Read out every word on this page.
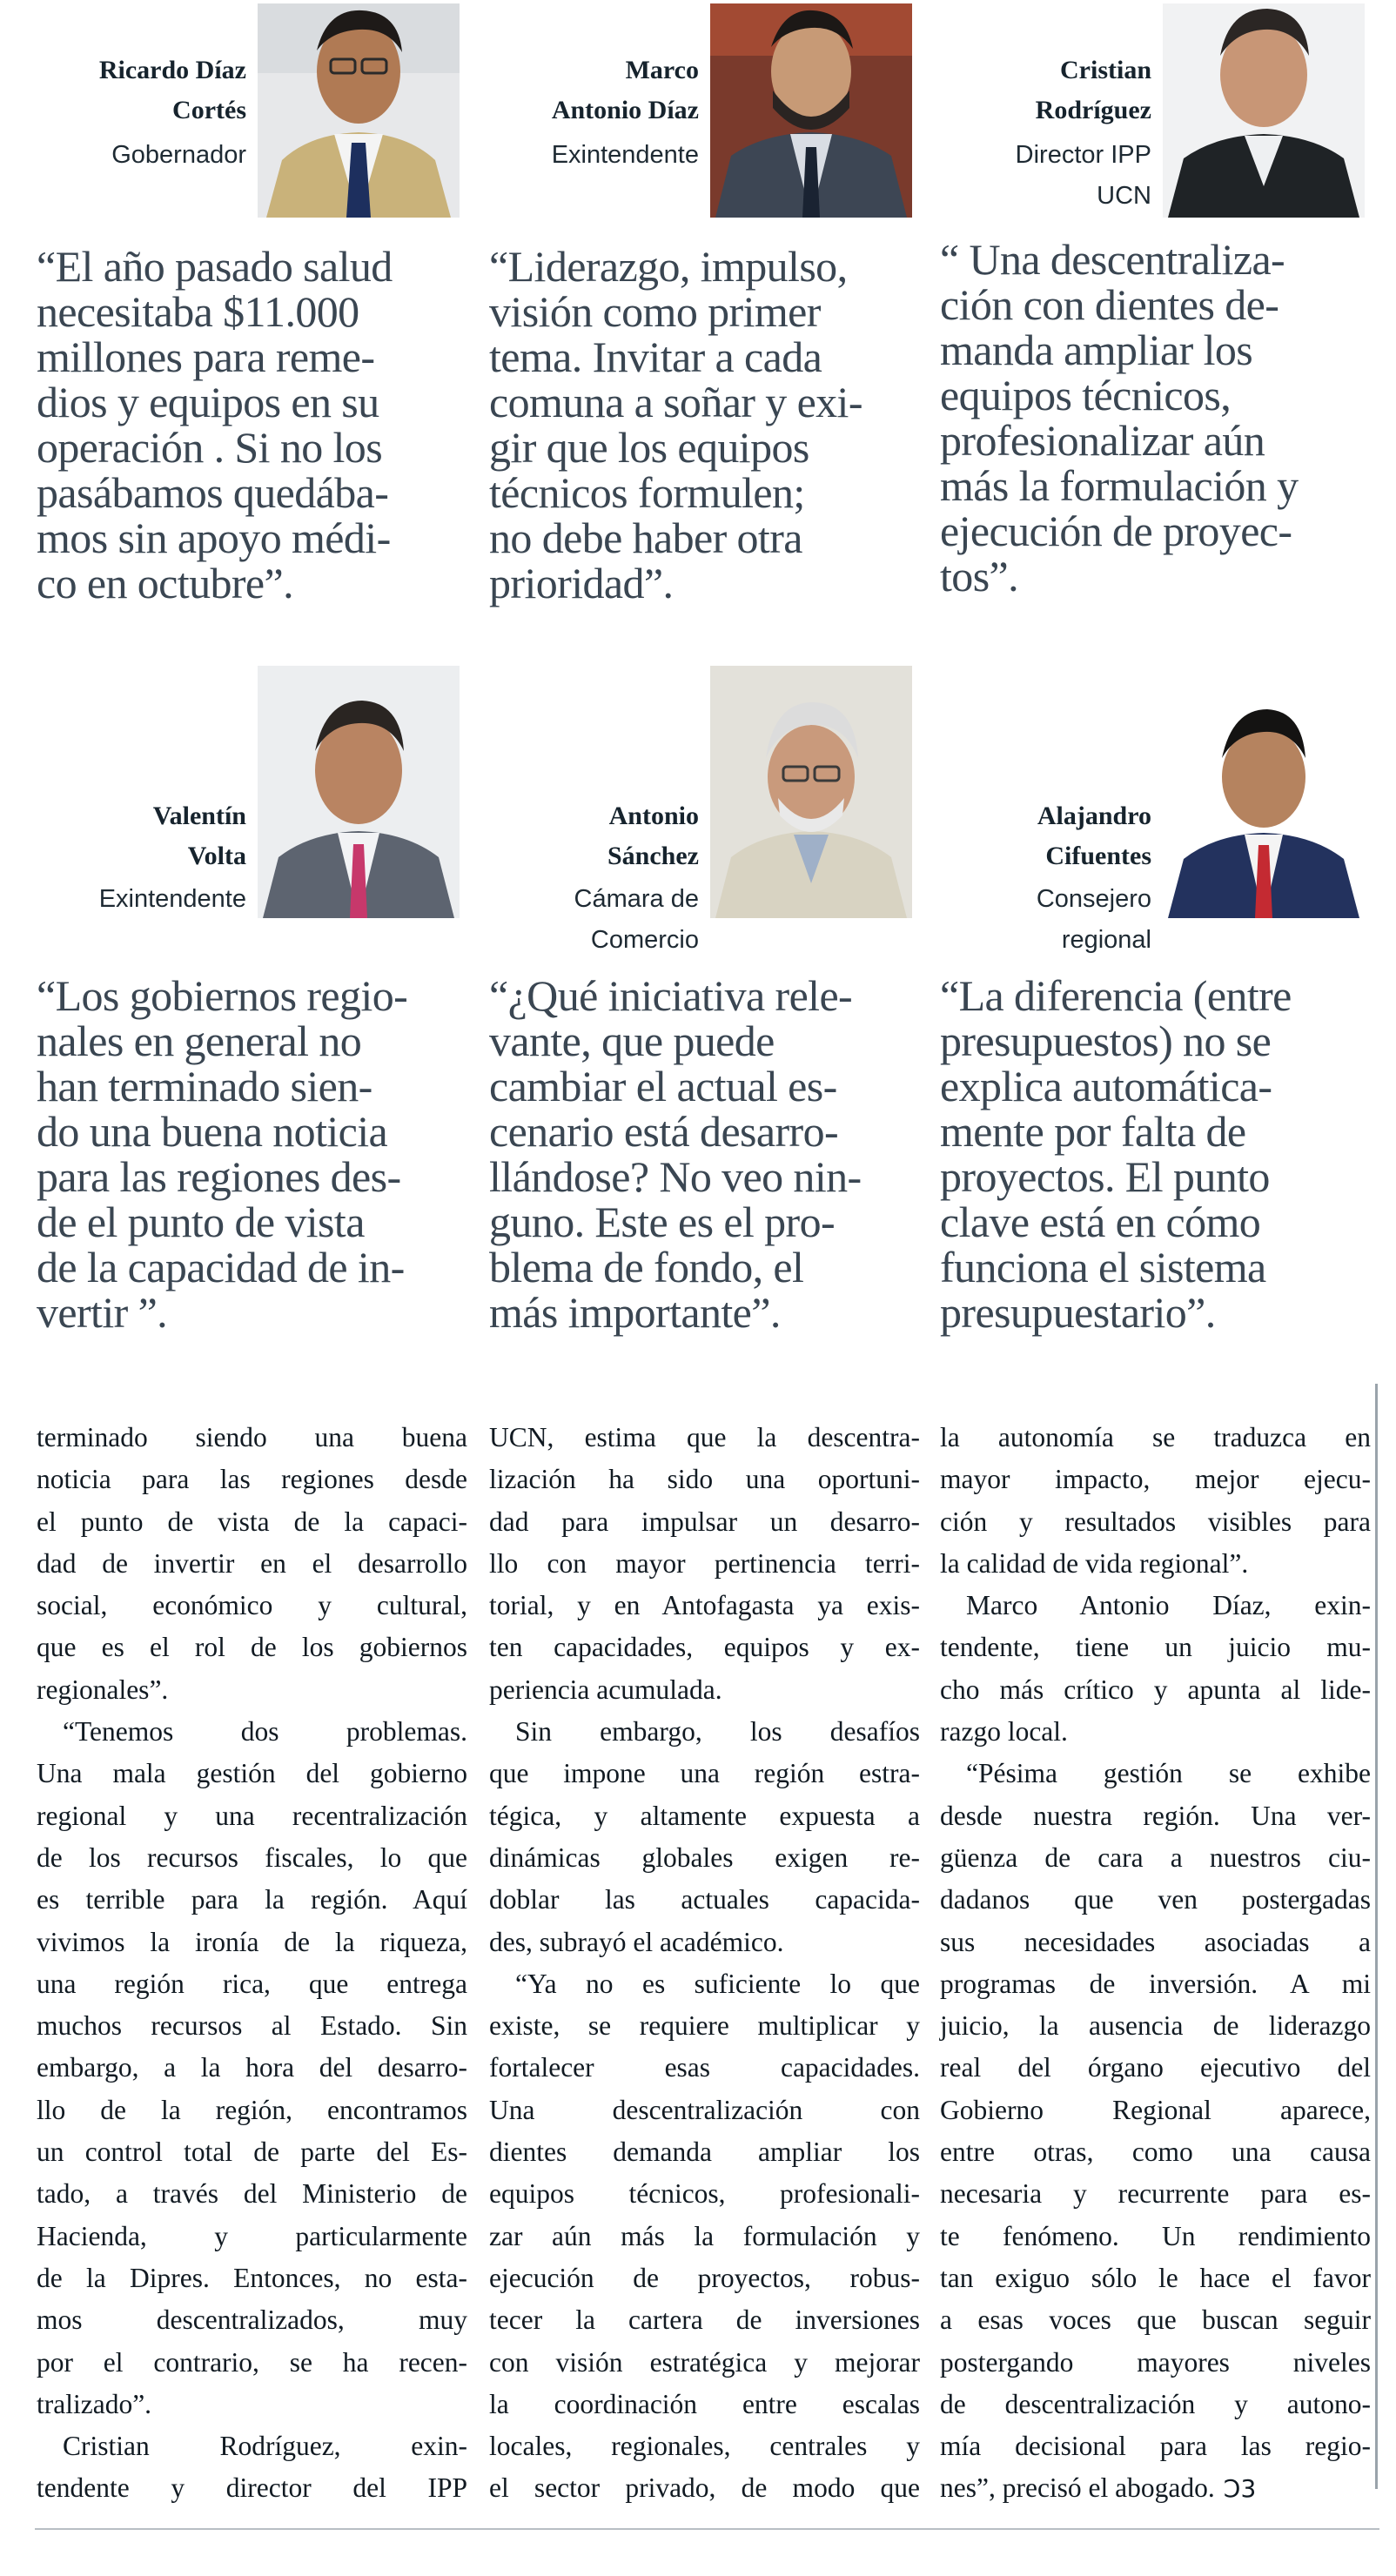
Ricardo Díaz
Cortés
Gobernador
Marco
Antonio Díaz
Exintendente
Cristian
Rodríguez
Director IPP
UCN
“El año pasado salud
necesitaba $11.000
millones para reme-
dios y equipos en su
operación . Si no los
pasábamos quedába-
mos sin apoyo médi-
co en octubre”.
“Liderazgo, impulso,
visión como primer
tema. Invitar a cada
comuna a soñar y exi-
gir que los equipos
técnicos formulen;
no debe haber otra
prioridad”.
“ Una descentraliza-
ción con dientes de-
manda ampliar los
equipos técnicos,
profesionalizar aún
más la formulación y
ejecución de proyec-
tos”.
Valentín
Volta
Exintendente
Antonio
Sánchez
Cámara de
Comercio
Alajandro
Cifuentes
Consejero
regional
“Los gobiernos regio-
nales en general no
han terminado sien-
do una buena noticia
para las regiones des-
de el punto de vista
de la capacidad de in-
vertir ”.
“¿Qué iniciativa rele-
vante, que puede
cambiar el actual es-
cenario está desarro-
llándose? No veo nin-
guno. Este es el pro-
blema de fondo, el
más importante”.
“La diferencia (entre
presupuestos) no se
explica automática-
mente por falta de
proyectos. El punto
clave está en cómo
funciona el sistema
presupuestario”.
terminado siendo una buena
noticia para las regiones desde
el punto de vista de la capaci-
dad de invertir en el desarrollo
social, económico y cultural,
que es el rol de los gobiernos
regionales”.
“Tenemos dos problemas.
Una mala gestión del gobierno
regional y una recentralización
de los recursos fiscales, lo que
es terrible para la región. Aquí
vivimos la ironía de la riqueza,
una región rica, que entrega
muchos recursos al Estado. Sin
embargo, a la hora del desarro-
llo de la región, encontramos
un control total de parte del Es-
tado, a través del Ministerio de
Hacienda, y particularmente
de la Dipres. Entonces, no esta-
mos descentralizados, muy
por el contrario, se ha recen-
tralizado”.
Cristian Rodríguez, exin-
tendente y director del IPP
UCN, estima que la descentra-
lización ha sido una oportuni-
dad para impulsar un desarro-
llo con mayor pertinencia terri-
torial, y en Antofagasta ya exis-
ten capacidades, equipos y ex-
periencia acumulada.
Sin embargo, los desafíos
que impone una región estra-
tégica, y altamente expuesta a
dinámicas globales exigen re-
doblar las actuales capacida-
des, subrayó el académico.
“Ya no es suficiente lo que
existe, se requiere multiplicar y
fortalecer esas capacidades.
Una descentralización con
dientes demanda ampliar los
equipos técnicos, profesionali-
zar aún más la formulación y
ejecución de proyectos, robus-
tecer la cartera de inversiones
con visión estratégica y mejorar
la coordinación entre escalas
locales, regionales, centrales y
el sector privado, de modo que
la autonomía se traduzca en
mayor impacto, mejor ejecu-
ción y resultados visibles para
la calidad de vida regional”.
Marco Antonio Díaz, exin-
tendente, tiene un juicio mu-
cho más crítico y apunta al lide-
razgo local.
“Pésima gestión se exhibe
desde nuestra región. Una ver-
güenza de cara a nuestros ciu-
dadanos que ven postergadas
sus necesidades asociadas a
programas de inversión. A mi
juicio, la ausencia de liderazgo
real del órgano ejecutivo del
Gobierno Regional aparece,
entre otras, como una causa
necesaria y recurrente para es-
te fenómeno. Un rendimiento
tan exiguo sólo le hace el favor
a esas voces que buscan seguir
postergando mayores niveles
de descentralización y autono-
mía decisional para las regio-
nes”, precisó el abogado. Ↄ3
